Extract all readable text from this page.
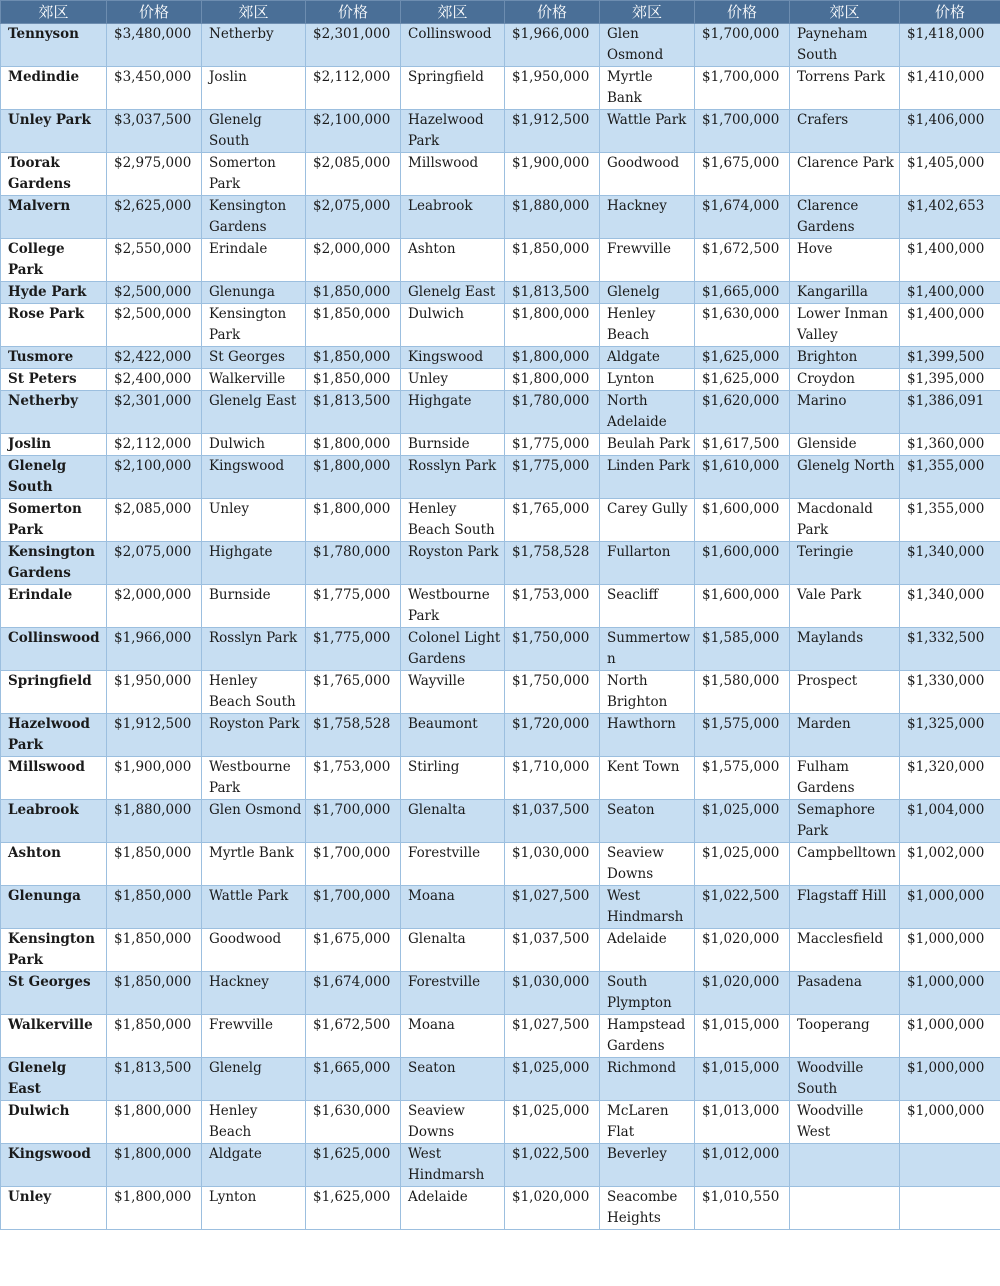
郊区	价格	郊区	价格	郊区	价格	郊区	价格	郊区	价格
Tennyson	$3,480,000	Netherby	$2,301,000	Collinswood	$1,966,000	Glen Osmond	$1,700,000	Payneham South	$1,418,000
Medindie	$3,450,000	Joslin	$2,112,000	Springfield	$1,950,000	Myrtle Bank	$1,700,000	Torrens Park	$1,410,000
Unley Park	$3,037,500	Glenelg South	$2,100,000	Hazelwood Park	$1,912,500	Wattle Park	$1,700,000	Crafers	$1,406,000
Toorak Gardens	$2,975,000	Somerton Park	$2,085,000	Millswood	$1,900,000	Goodwood	$1,675,000	Clarence Park	$1,405,000
Malvern	$2,625,000	Kensington Gardens	$2,075,000	Leabrook	$1,880,000	Hackney	$1,674,000	Clarence Gardens	$1,402,653
College Park	$2,550,000	Erindale	$2,000,000	Ashton	$1,850,000	Frewville	$1,672,500	Hove	$1,400,000
Hyde Park	$2,500,000	Glenunga	$1,850,000	Glenelg East	$1,813,500	Glenelg	$1,665,000	Kangarilla	$1,400,000
Rose Park	$2,500,000	Kensington Park	$1,850,000	Dulwich	$1,800,000	Henley Beach	$1,630,000	Lower Inman Valley	$1,400,000
Tusmore	$2,422,000	St Georges	$1,850,000	Kingswood	$1,800,000	Aldgate	$1,625,000	Brighton	$1,399,500
St Peters	$2,400,000	Walkerville	$1,850,000	Unley	$1,800,000	Lynton	$1,625,000	Croydon	$1,395,000
Netherby	$2,301,000	Glenelg East	$1,813,500	Highgate	$1,780,000	North Adelaide	$1,620,000	Marino	$1,386,091
Joslin	$2,112,000	Dulwich	$1,800,000	Burnside	$1,775,000	Beulah Park	$1,617,500	Glenside	$1,360,000
Glenelg South	$2,100,000	Kingswood	$1,800,000	Rosslyn Park	$1,775,000	Linden Park	$1,610,000	Glenelg North	$1,355,000
Somerton Park	$2,085,000	Unley	$1,800,000	Henley Beach South	$1,765,000	Carey Gully	$1,600,000	Macdonald Park	$1,355,000
Kensington Gardens	$2,075,000	Highgate	$1,780,000	Royston Park	$1,758,528	Fullarton	$1,600,000	Teringie	$1,340,000
Erindale	$2,000,000	Burnside	$1,775,000	Westbourne Park	$1,753,000	Seacliff	$1,600,000	Vale Park	$1,340,000
Collinswood	$1,966,000	Rosslyn Park	$1,775,000	Colonel Light Gardens	$1,750,000	Summertown	$1,585,000	Maylands	$1,332,500
Springfield	$1,950,000	Henley Beach South	$1,765,000	Wayville	$1,750,000	North Brighton	$1,580,000	Prospect	$1,330,000
Hazelwood Park	$1,912,500	Royston Park	$1,758,528	Beaumont	$1,720,000	Hawthorn	$1,575,000	Marden	$1,325,000
Millswood	$1,900,000	Westbourne Park	$1,753,000	Stirling	$1,710,000	Kent Town	$1,575,000	Fulham Gardens	$1,320,000
Leabrook	$1,880,000	Glen Osmond	$1,700,000	Glenalta	$1,037,500	Seaton	$1,025,000	Semaphore Park	$1,004,000
Ashton	$1,850,000	Myrtle Bank	$1,700,000	Forestville	$1,030,000	Seaview Downs	$1,025,000	Campbelltown	$1,002,000
Glenunga	$1,850,000	Wattle Park	$1,700,000	Moana	$1,027,500	West Hindmarsh	$1,022,500	Flagstaff Hill	$1,000,000
Kensington Park	$1,850,000	Goodwood	$1,675,000	Glenalta	$1,037,500	Adelaide	$1,020,000	Macclesfield	$1,000,000
St Georges	$1,850,000	Hackney	$1,674,000	Forestville	$1,030,000	South Plympton	$1,020,000	Pasadena	$1,000,000
Walkerville	$1,850,000	Frewville	$1,672,500	Moana	$1,027,500	Hampstead Gardens	$1,015,000	Tooperang	$1,000,000
Glenelg East	$1,813,500	Glenelg	$1,665,000	Seaton	$1,025,000	Richmond	$1,015,000	Woodville South	$1,000,000
Dulwich	$1,800,000	Henley Beach	$1,630,000	Seaview Downs	$1,025,000	McLaren Flat	$1,013,000	Woodville West	$1,000,000
Kingswood	$1,800,000	Aldgate	$1,625,000	West Hindmarsh	$1,022,500	Beverley	$1,012,000		
Unley	$1,800,000	Lynton	$1,625,000	Adelaide	$1,020,000	Seacombe Heights	$1,010,550		
